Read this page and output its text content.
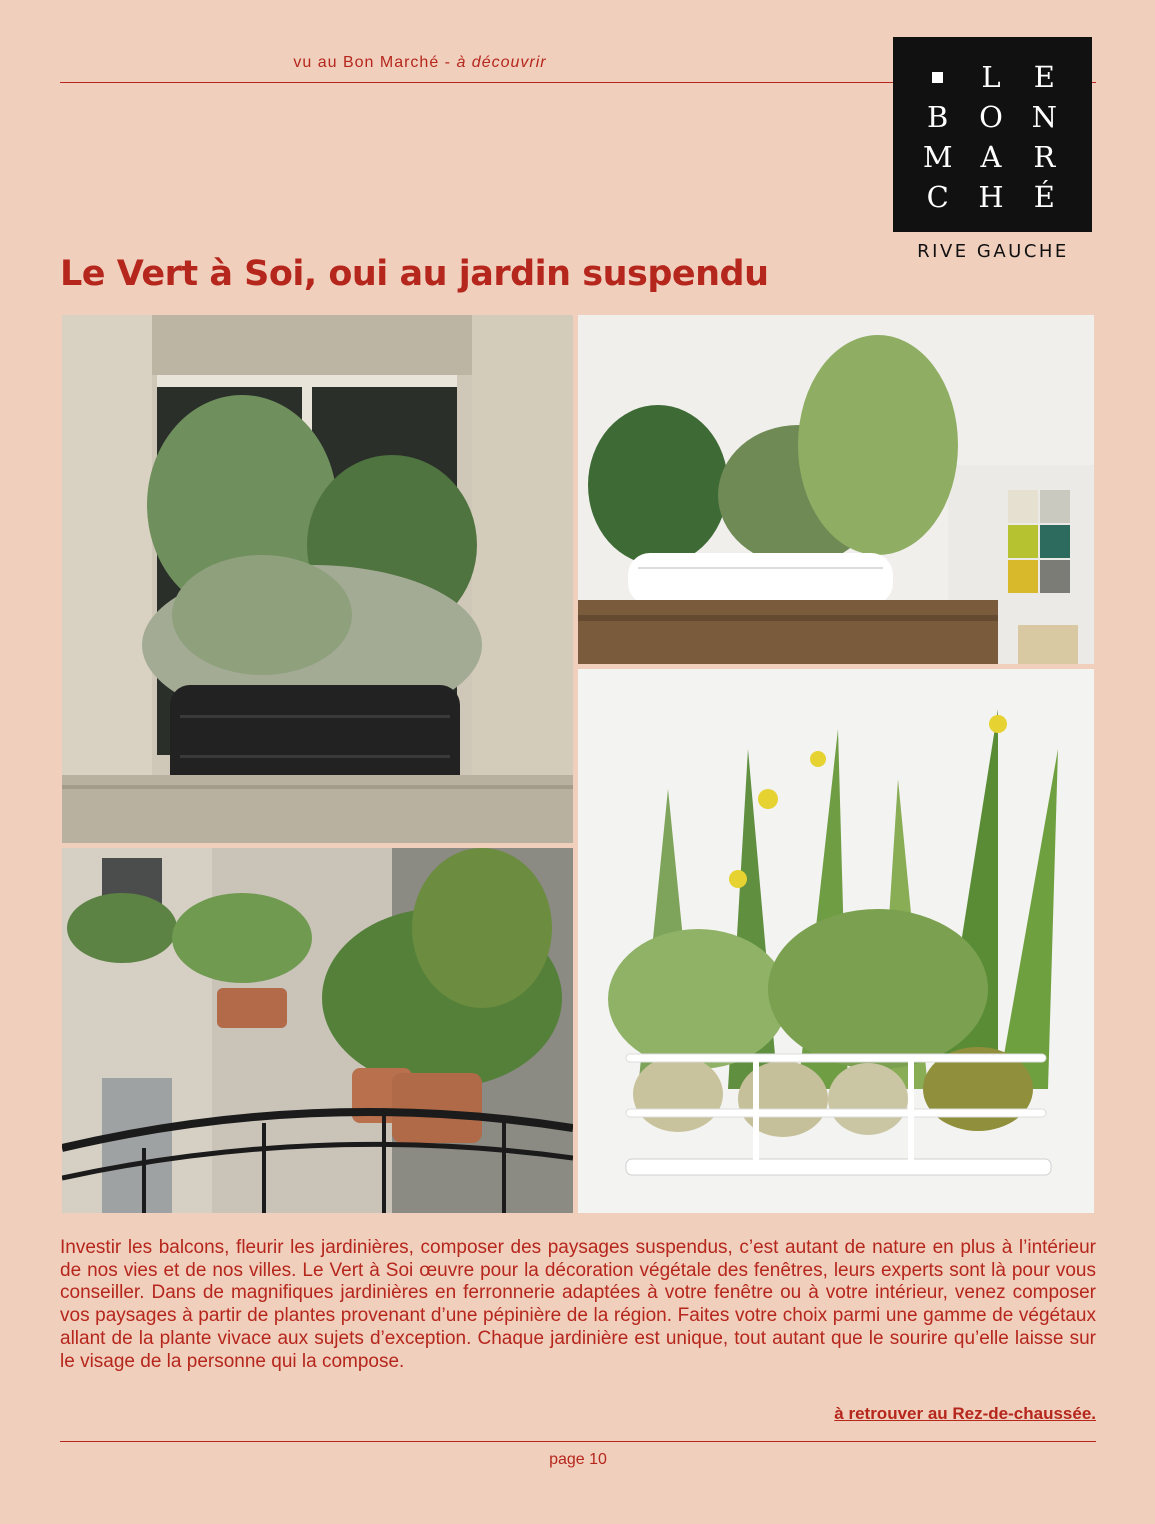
vu au Bon Marché - à découvrir	L	E
B	O N
M A	R
C	H	É
RIVE GAUCHE
Le Vert à Soi, oui au jardin suspendu

Investir les balcons, fleurir les jardinières, composer des paysages suspendus, c’est autant de nature en plus à l’intérieur de nos vies et de nos villes. Le Vert à Soi œuvre pour la décoration végétale des fenêtres, leurs experts sont là pour vous conseiller. Dans de magnifiques jardinières en ferronnerie adaptées à votre fenêtre ou à votre intérieur, venez composer vos paysages à partir de plantes provenant d’une pépinière de la région. Faites votre choix parmi une gamme de végétaux allant de la plante vivace aux sujets d’exception. Chaque jardinière est unique, tout autant que le sourire qu’elle laisse sur le visage de la personne qui la compose.

à retrouver au Rez-de-chaussée.
page 10
